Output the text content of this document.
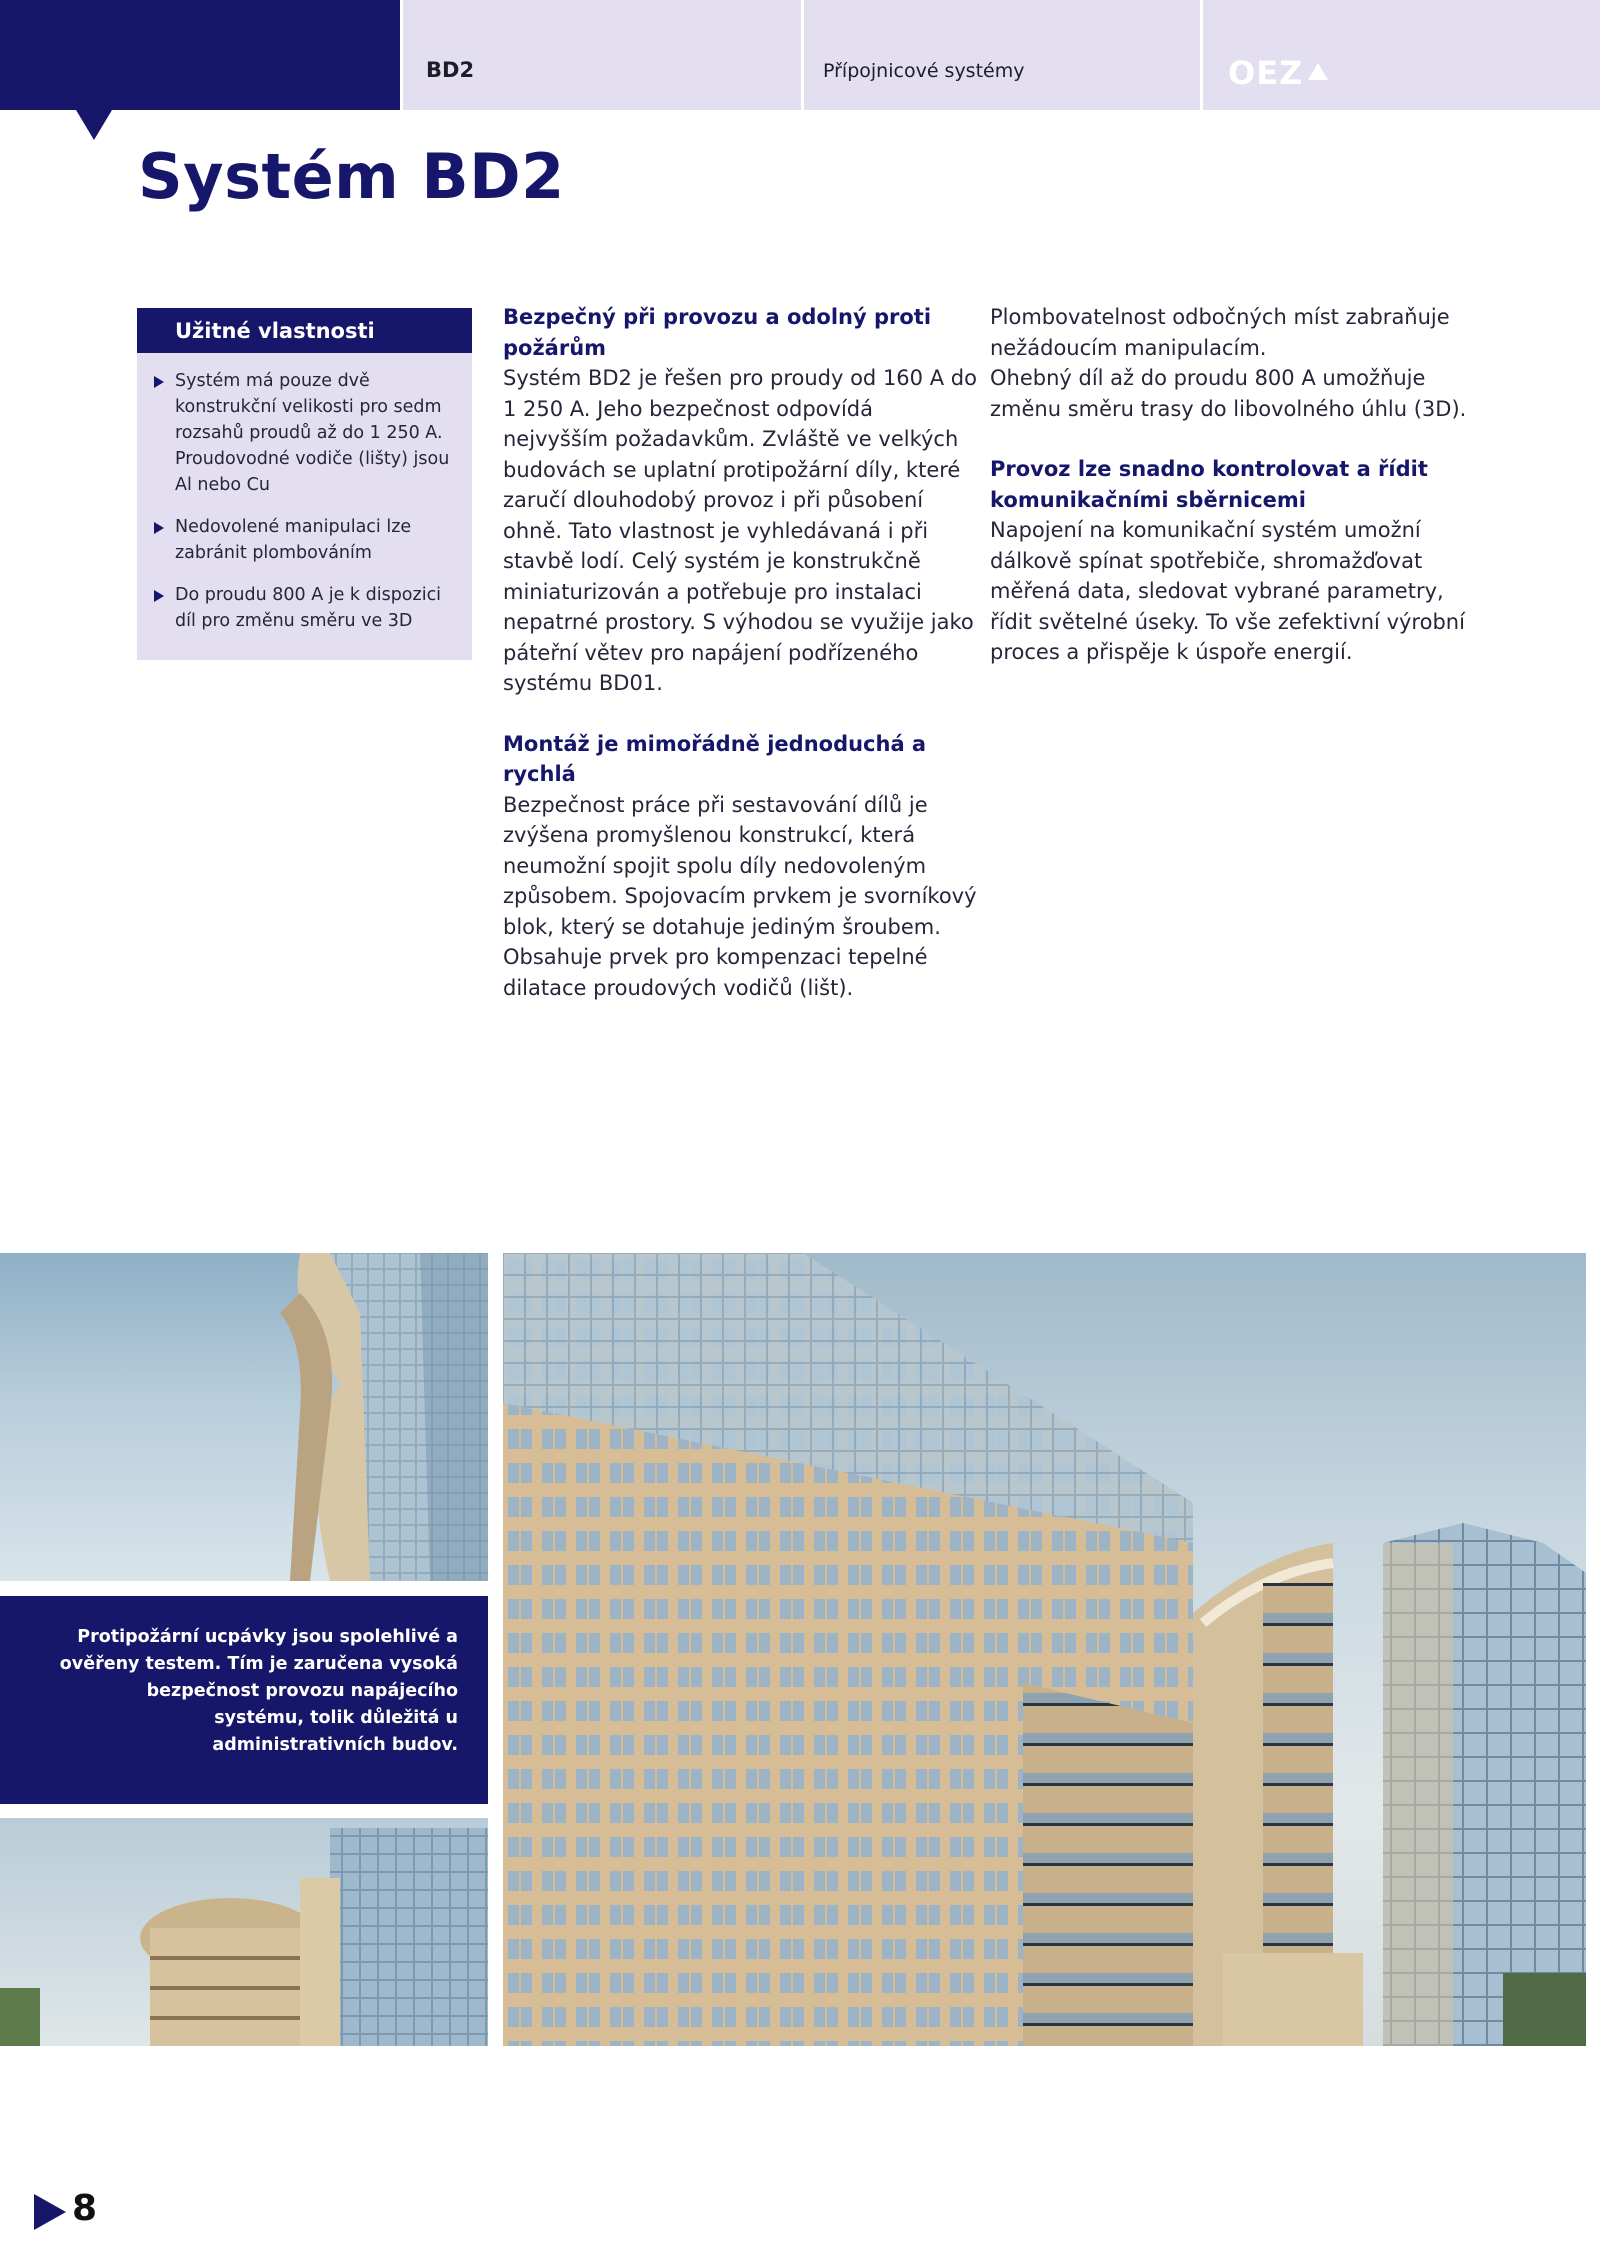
BD2	Přípojnicové systémy	OEZ
Systém BD2
Užitné vlastnosti
Systém má pouze dvě konstrukční velikosti pro sedm rozsahů proudů až do 1 250 A. Proudovodné vodiče (lišty) jsou Al nebo Cu
Nedovolené manipulaci lze zabránit plombováním
Do proudu 800 A je k dispozici díl pro změnu směru ve 3D
Bezpečný při provozu a odolný proti požárům

Systém BD2 je řešen pro proudy od 160 A do 1 250 A. Jeho bezpečnost odpovídá nejvyšším požadavkům. Zvláště ve velkých budovách se uplatní protipožární díly, které zaručí dlouhodobý provoz i při působení ohně. Tato vlastnost je vyhledávaná i při stavbě lodí. Celý systém je konstrukčně miniaturizován a potřebuje pro instalaci nepatrné prostory. S výhodou se využije jako páteřní větev pro napájení podřízeného systému BD01.

Montáž je mimořádně jednoduchá a rychlá

Bezpečnost práce při sestavování dílů je zvýšena promyšlenou konstrukcí, která neumožní spojit spolu díly nedovoleným způsobem. Spojovacím prvkem je svorníkový blok, který se dotahuje jediným šroubem. Obsahuje prvek pro kompenzaci tepelné dilatace proudových vodičů (lišt).

Plombovatelnost odbočných míst zabraňuje nežádoucím manipulacím.

Ohebný díl až do proudu 800 A umožňuje změnu směru trasy do libovolného úhlu (3D).

Provoz lze snadno kontrolovat a řídit komunikačními sběrnicemi

Napojení na komunikační systém umožní dálkově spínat spotřebiče, shromažďovat měřená data, sledovat vybrané parametry, řídit světelné úseky. To vše zefektivní výrobní proces a přispěje k úspoře energií.

Protipožární ucpávky jsou spolehlivé a ověřeny testem. Tím je zaručena vysoká bezpečnost provozu napájecího systému, tolik důležitá u administrativních budov.

8
